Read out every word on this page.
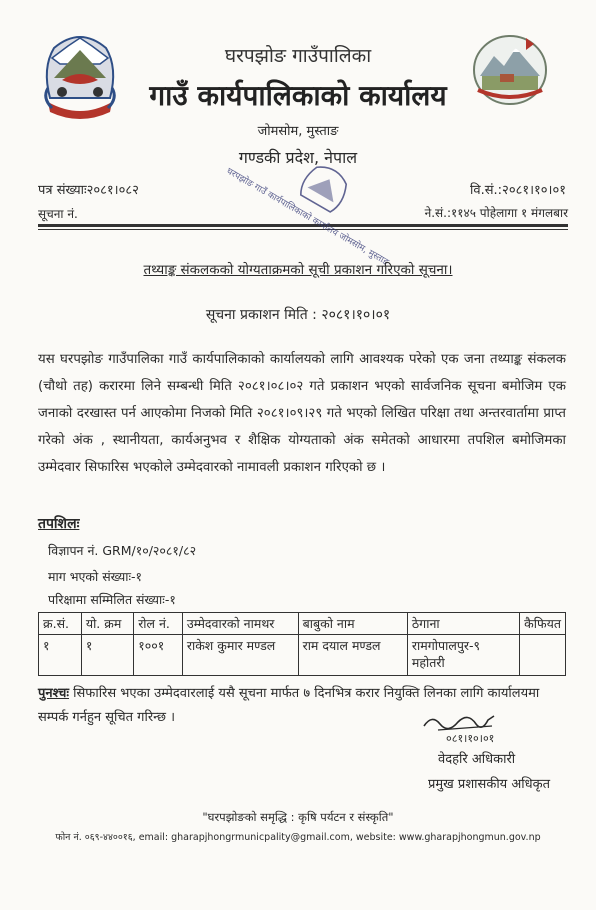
घरपझोङ गाउँपालिका
गाउँ कार्यपालिकाको कार्यालय
जोमसोम, मुस्ताङ
गण्डकी प्रदेश, नेपाल
पत्र संख्याः२०८१।०८२
सूचना नं.
वि.सं.:२०८१।१०।०१
ने.सं.:११४५ पोहेलागा १ मंगलबार
घरपझोङ गाउँ कार्यपालिकाको कार्यालय जोमसोम, मुस्ताङ
तथ्याङ्क संकलकको योग्यताक्रमको सूची प्रकाशन गरिएको सूचना।
सूचना प्रकाशन मिति : २०८१।१०।०१
यस घरपझोङ गाउँपालिका गाउँ कार्यपालिकाको कार्यालयको लागि आवश्यक परेको एक जना तथ्याङ्क संकलक (चौथो तह) करारमा लिने सम्बन्धी मिति २०८१।०८।०२ गते प्रकाशन भएको सार्वजनिक सूचना बमोजिम एक जनाको दरखास्त पर्न आएकोमा निजको मिति २०८१।०९।२९ गते भएको लिखित परिक्षा तथा अन्तरवार्तामा प्राप्त गरेको अंक , स्थानीयता, कार्यअनुभव र शैक्षिक योग्यताको अंक समेतको आधारमा तपशिल बमोजिमका उम्मेदवार सिफारिस भएकोले उम्मेदवारको नामावली प्रकाशन गरिएको छ ।
तपशिलः
विज्ञापन नं. GRM/१०/२०८१/८२
माग भएको संख्याः-१
परिक्षामा सम्मिलित संख्याः-१
क्र.सं.	यो. क्रम	रोल नं.	उम्मेदवारको नामथर	बाबुको नाम	ठेगाना	कैफियत
१	१	१००१	राकेश कुमार मण्डल	राम दयाल मण्डल	रामगोपालपुर-९ महोतरी	
पुनश्चः सिफारिस भएका उम्मेदवारलाई यसै सूचना मार्फत ७ दिनभित्र करार नियुक्ति लिनका लागि कार्यालयमा सम्पर्क गर्नहुन सूचित गरिन्छ ।
०८१।१०।०१
वेदहरि अधिकारी
प्रमुख प्रशासकीय अधिकृत
"घरपझोङको समृद्धि : कृषि पर्यटन र संस्कृति"
फोन नं. ०६९-४४००१६, email: gharapjhongrmunicpality@gmail.com, website: www.gharapjhongmun.gov.np
